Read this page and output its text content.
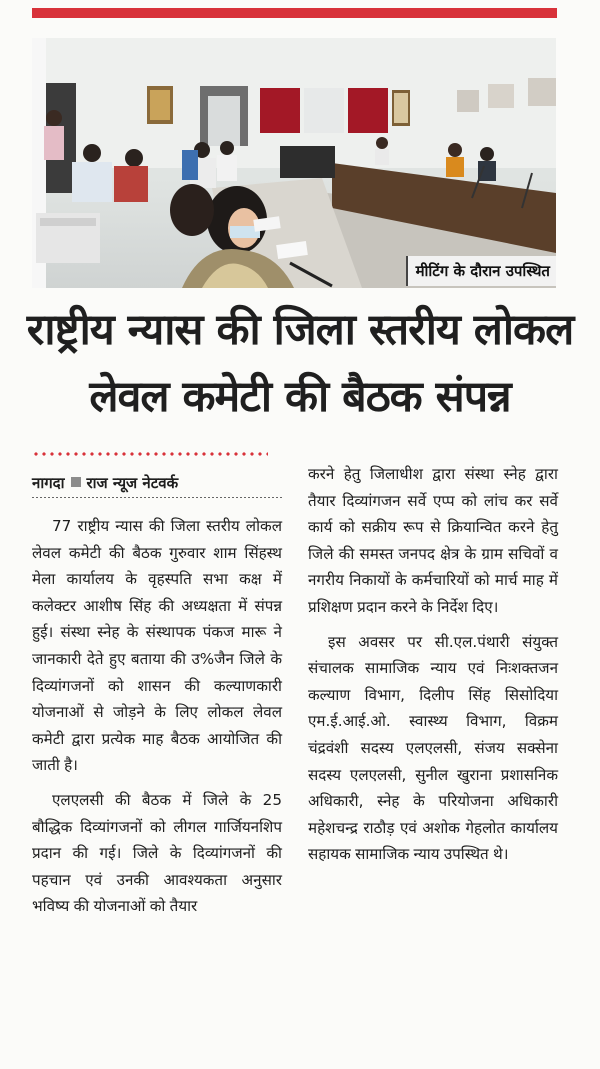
मीटिंग के दौरान उपस्थित
राष्ट्रीय न्यास की जिला स्तरीय लोकल
लेवल कमेटी की बैठक संपन्न
नागदा राज न्यूज नेटवर्क

77 राष्ट्रीय न्यास की जिला स्तरीय लोकल लेवल कमेटी की बैठक गुरुवार शाम सिंहस्थ मेला कार्यालय के वृहस्पति सभा कक्ष में कलेक्टर आशीष सिंह की अध्यक्षता में संपन्न हुई। संस्था स्नेह के संस्थापक पंकज मारू ने जानकारी देते हुए बताया की उ%जैन जिले के दिव्यांगजनों को शासन की कल्याणकारी योजनाओं से जोड़ने के लिए लोकल लेवल कमेटी द्वारा प्रत्येक माह बैठक आयोजित की जाती है।

एलएलसी की बैठक में जिले के 25 बौद्धिक दिव्यांगजनों को लीगल गार्जियनशिप प्रदान की गई। जिले के दिव्यांगजनों की पहचान एवं उनकी आवश्यकता अनुसार भविष्य की योजनाओं को तैयार

करने हेतु जिलाधीश द्वारा संस्था स्नेह द्वारा तैयार दिव्यांगजन सर्वे एप्प को लांच कर सर्वे कार्य को सक्रीय रूप से क्रियान्वित करने हेतु जिले की समस्त जनपद क्षेत्र के ग्राम सचिवों व नगरीय निकायों के कर्मचारियों को मार्च माह में प्रशिक्षण प्रदान करने के निर्देश दिए।

इस अवसर पर सी.एल.पंथारी संयुक्त संचालक सामाजिक न्याय एवं निःशक्तजन कल्याण विभाग, दिलीप सिंह सिसोदिया एम.ई.आई.ओ. स्वास्थ्य विभाग, विक्रम चंद्रवंशी सदस्य एलएलसी, संजय सक्सेना सदस्य एलएलसी, सुनील खुराना प्रशासनिक अधिकारी, स्नेह के परियोजना अधिकारी महेशचन्द्र राठौड़ एवं अशोक गेहलोत कार्यालय सहायक सामाजिक न्याय उपस्थित थे।
